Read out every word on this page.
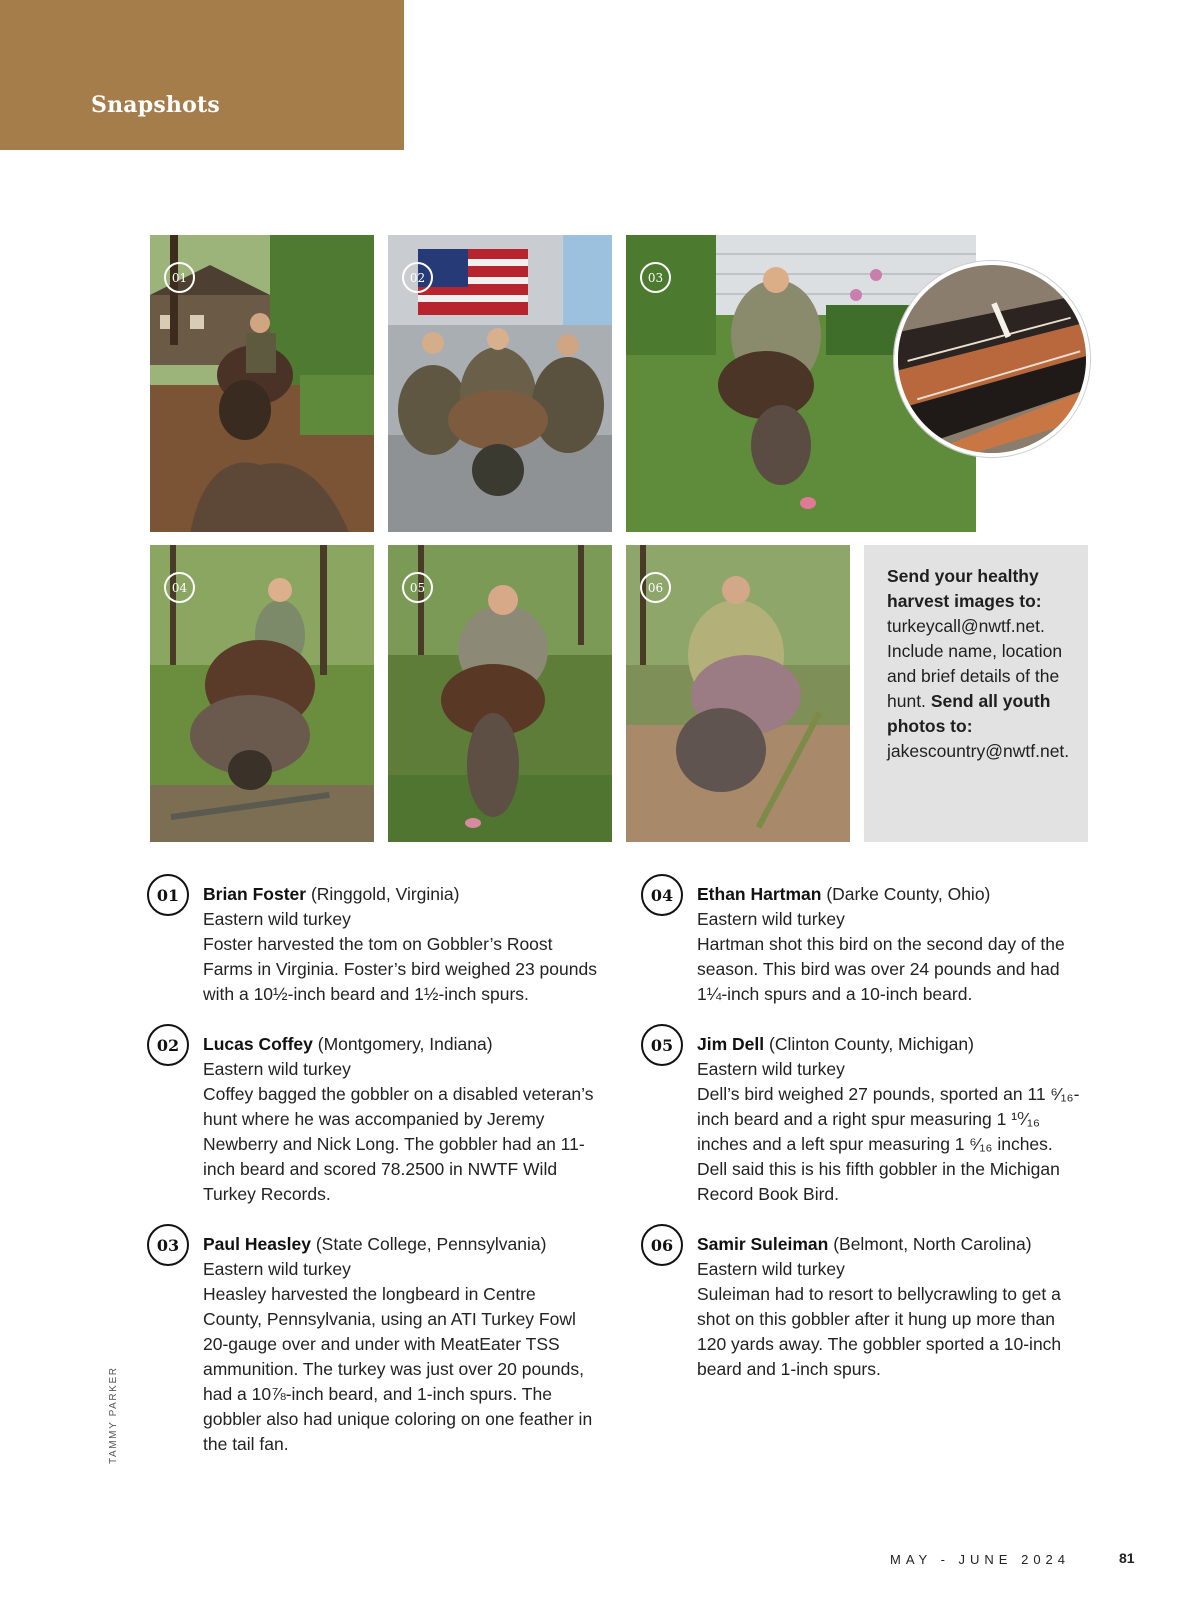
Snapshots
01	02	03
04	05	06
Send your healthy harvest images to: turkeycall@nwtf.net. Include name, location and brief details of the hunt. Send all youth photos to: jakescountry@nwtf.net.
01	Brian Foster (Ringgold, Virginia)
Eastern wild turkey
Foster harvested the tom on Gobbler’s Roost Farms in Virginia. Foster’s bird weighed 23 pounds with a 10½-inch beard and 1½-inch spurs.
02	Lucas Coffey (Montgomery, Indiana)
Eastern wild turkey
Coffey bagged the gobbler on a disabled veteran’s hunt where he was accompanied by Jeremy Newberry and Nick Long. The gobbler had an 11-inch beard and scored 78.2500 in NWTF Wild Turkey Records.
03	Paul Heasley (State College, Pennsylvania)
Eastern wild turkey
Heasley harvested the longbeard in Centre County, Pennsylvania, using an ATI Turkey Fowl 20-gauge over and under with MeatEater TSS ammunition. The turkey was just over 20 pounds, had a 10⅞-inch beard, and 1-inch spurs. The gobbler also had unique coloring on one feather in the tail fan.
04	Ethan Hartman (Darke County, Ohio)
Eastern wild turkey
Hartman shot this bird on the second day of the season. This bird was over 24 pounds and had 1¼-inch spurs and a 10-inch beard.
05	Jim Dell (Clinton County, Michigan)
Eastern wild turkey
Dell’s bird weighed 27 pounds, sported an 11 ⁶⁄₁₆-inch beard and a right spur measuring 1 ¹⁰⁄₁₆ inches and a left spur measuring 1 ⁶⁄₁₆ inches. Dell said this is his fifth gobbler in the Michigan Record Book Bird.
06	Samir Suleiman (Belmont, North Carolina)
Eastern wild turkey
Suleiman had to resort to bellycrawling to get a shot on this gobbler after it hung up more than 120 yards away. The gobbler sported a 10-inch beard and 1-inch spurs.
TAMMY PARKER
MAY - JUNE 2024	81
